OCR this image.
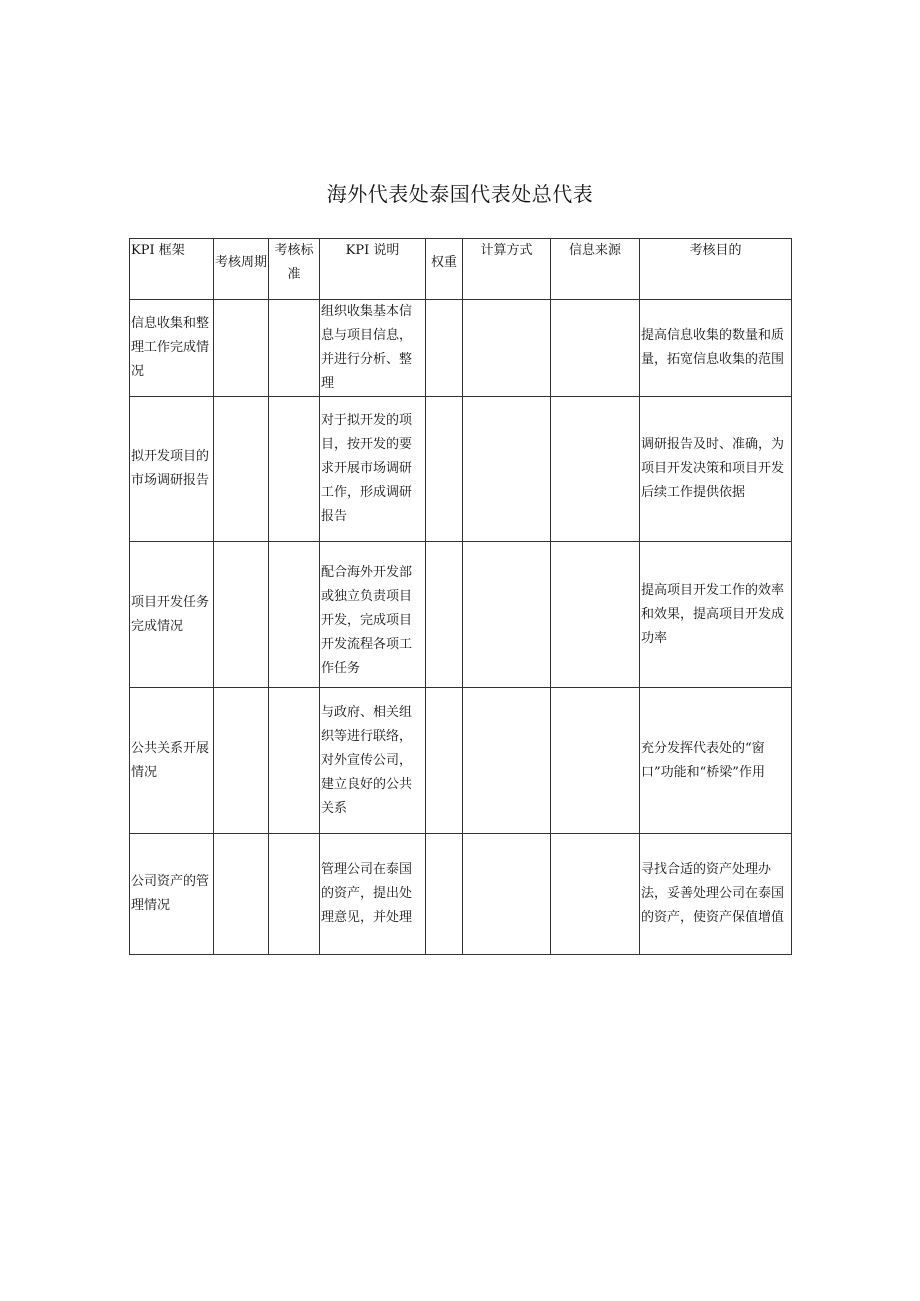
海外代表处泰国代表处总代表
KPI 框架	考核周期	考核标准	KPI 说明	权重	计算方式	信息来源	考核目的
信息收集和整理工作完成情况			组织收集基本信息与项目信息，并进行分析、整理				提高信息收集的数量和质量，拓宽信息收集的范围
拟开发项目的市场调研报告			对于拟开发的项目，按开发的要求开展市场调研工作，形成调研报告				调研报告及时、准确，为项目开发决策和项目开发后续工作提供依据
项目开发任务完成情况			配合海外开发部或独立负责项目开发，完成项目开发流程各项工作任务				提高项目开发工作的效率和效果，提高项目开发成功率
公共关系开展情况			与政府、相关组织等进行联络，对外宣传公司，建立良好的公共关系				充分发挥代表处的“窗口”功能和“桥梁”作用
公司资产的管理情况			管理公司在泰国的资产，提出处理意见，并处理				寻找合适的资产处理办法，妥善处理公司在泰国的资产，使资产保值增值
